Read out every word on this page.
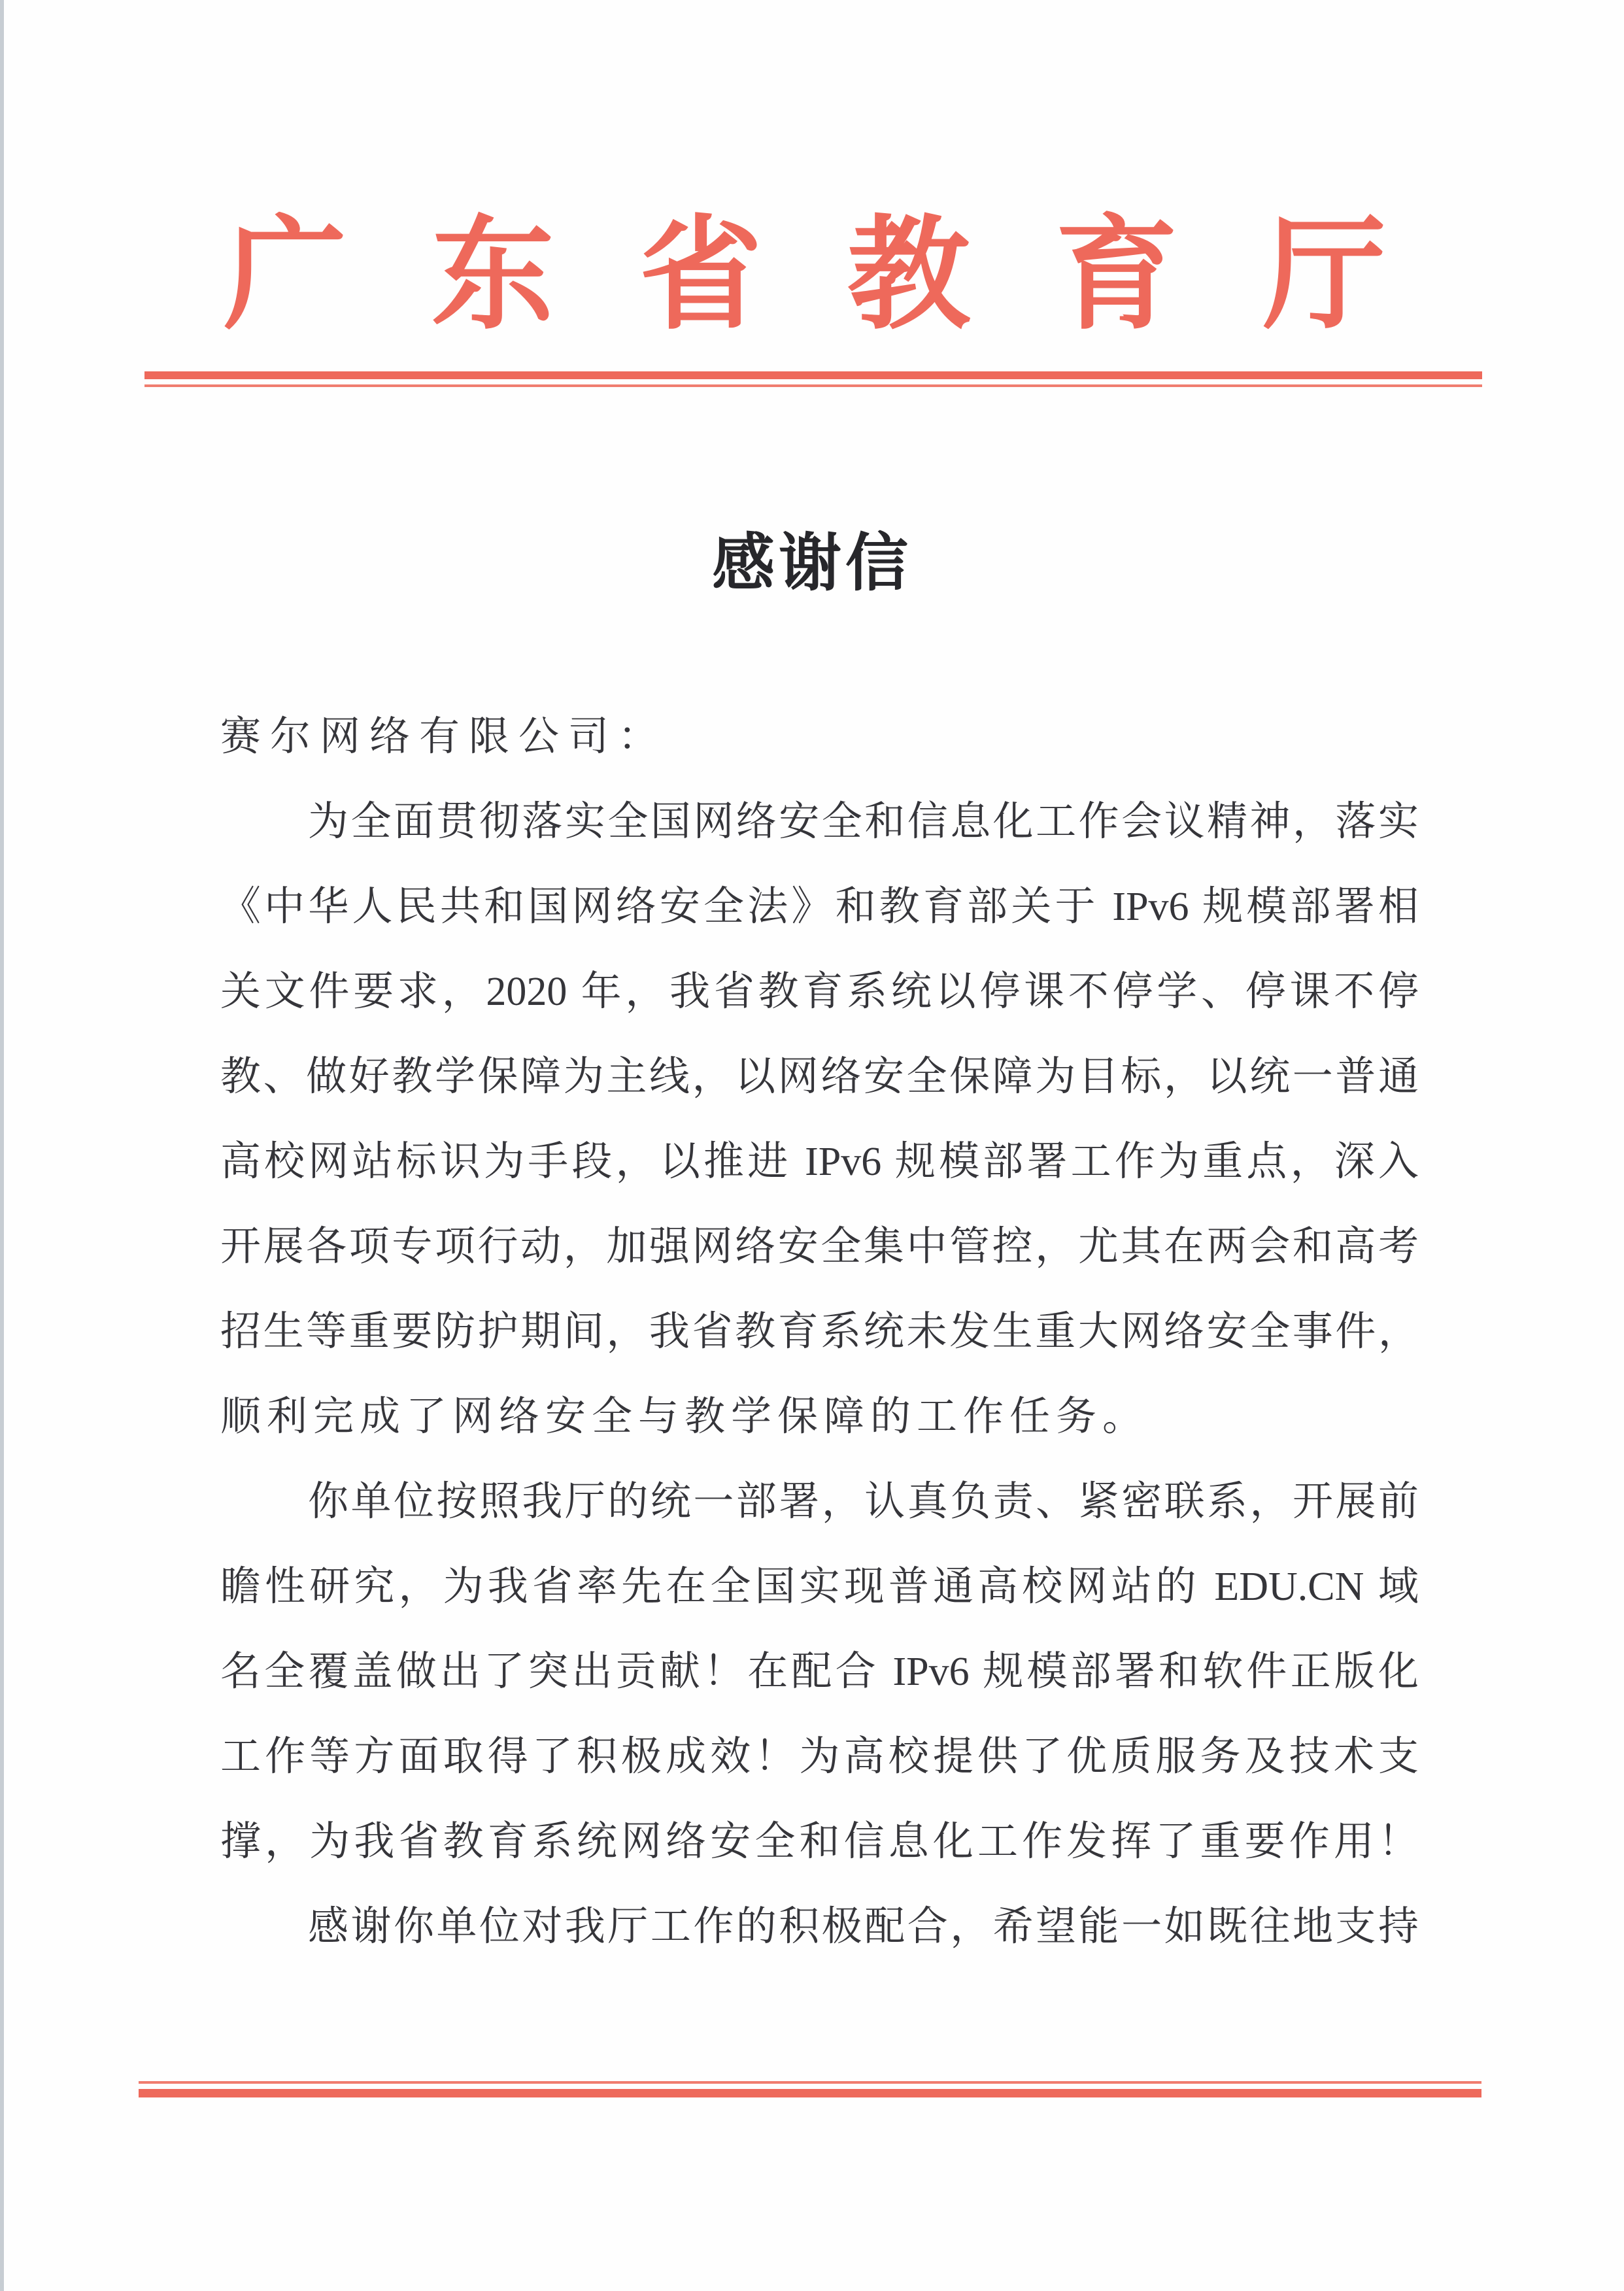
广东省教育厅
感谢信
赛尔网络有限公司：
为全面贯彻落实全国网络安全和信息化工作会议精神，落实
《中华人民共和国网络安全法》和教育部关于 IPv6 规模部署相
关文件要求，2020 年，我省教育系统以停课不停学、停课不停
教、做好教学保障为主线，以网络安全保障为目标，以统一普通
高校网站标识为手段，以推进 IPv6 规模部署工作为重点，深入
开展各项专项行动，加强网络安全集中管控，尤其在两会和高考
招生等重要防护期间，我省教育系统未发生重大网络安全事件，
顺利完成了网络安全与教学保障的工作任务。
你单位按照我厅的统一部署，认真负责、紧密联系，开展前
瞻性研究，为我省率先在全国实现普通高校网站的 EDU.CN 域
名全覆盖做出了突出贡献！在配合 IPv6 规模部署和软件正版化
工作等方面取得了积极成效！为高校提供了优质服务及技术支
撑，为我省教育系统网络安全和信息化工作发挥了重要作用！
感谢你单位对我厅工作的积极配合，希望能一如既往地支持
